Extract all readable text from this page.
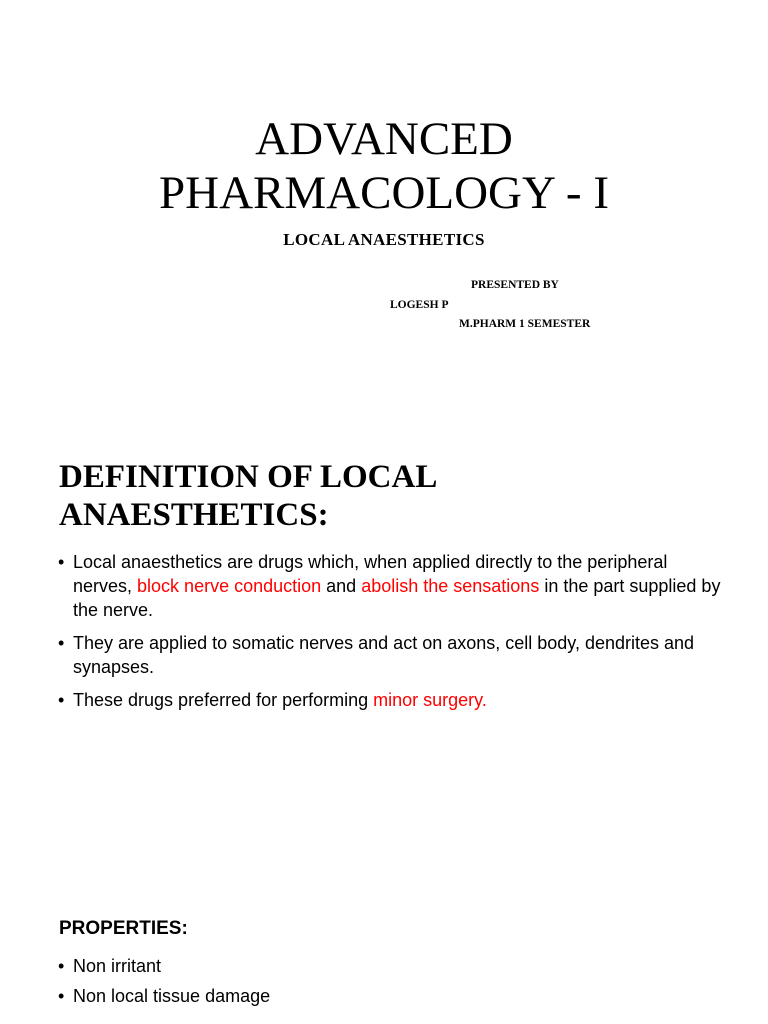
ADVANCED
PHARMACOLOGY - I

LOCAL ANAESTHETICS

PRESENTED BY

LOGESH P

M.PHARM 1 SEMESTER

DEFINITION OF LOCAL
ANAESTHETICS:
• Local anaesthetics are drugs which, when applied directly to the peripheral nerves, block nerve conduction and abolish the sensations in the part supplied by the nerve.
• They are applied to somatic nerves and act on axons, cell body, dendrites and synapses.
• These drugs preferred for performing minor surgery.
PROPERTIES:
• Non irritant
• Non local tissue damage
